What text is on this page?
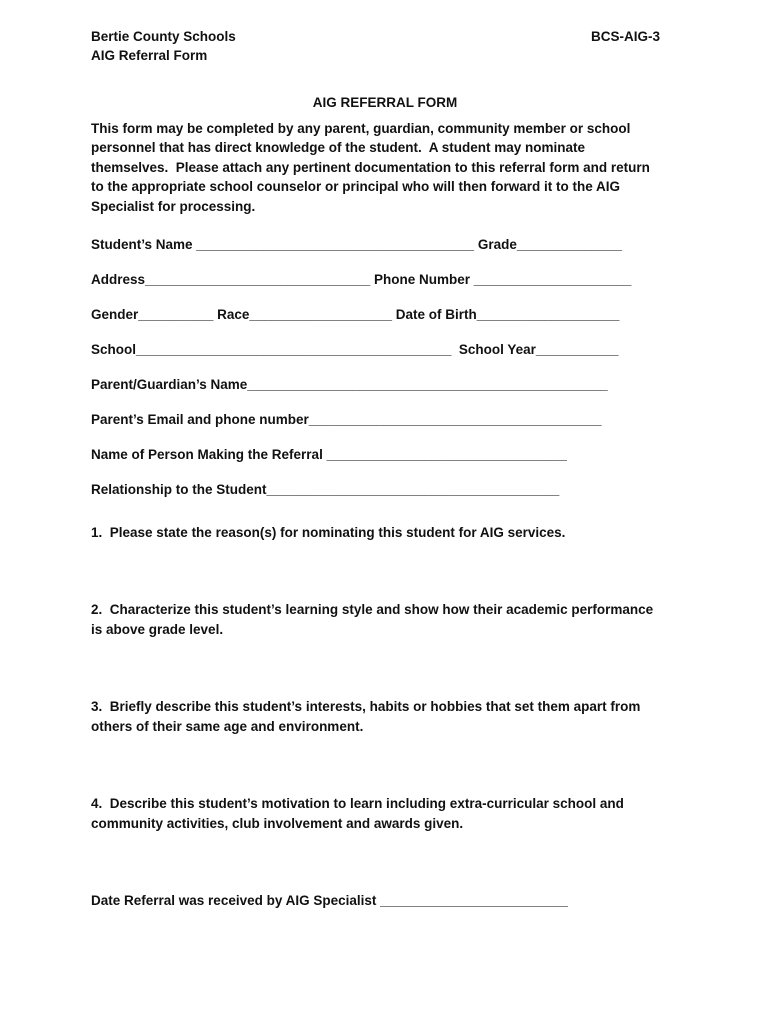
Bertie County Schools
AIG Referral Form
BCS-AIG-3
AIG REFERRAL FORM
This form may be completed by any parent, guardian, community member or school
personnel that has direct knowledge of the student.  A student may nominate
themselves.  Please attach any pertinent documentation to this referral form and return
to the appropriate school counselor or principal who will then forward it to the AIG
Specialist for processing.
Student’s Name _____________________________________ Grade______________
Address______________________________ Phone Number _____________________
Gender__________ Race___________________ Date of Birth___________________
School__________________________________________  School Year___________
Parent/Guardian’s Name________________________________________________
Parent’s Email and phone number_______________________________________
Name of Person Making the Referral ________________________________
Relationship to the Student_______________________________________
1.  Please state the reason(s) for nominating this student for AIG services.
2.  Characterize this student’s learning style and show how their academic performance
is above grade level.
3.  Briefly describe this student’s interests, habits or hobbies that set them apart from
others of their same age and environment.
4.  Describe this student’s motivation to learn including extra-curricular school and
community activities, club involvement and awards given.
Date Referral was received by AIG Specialist _________________________
